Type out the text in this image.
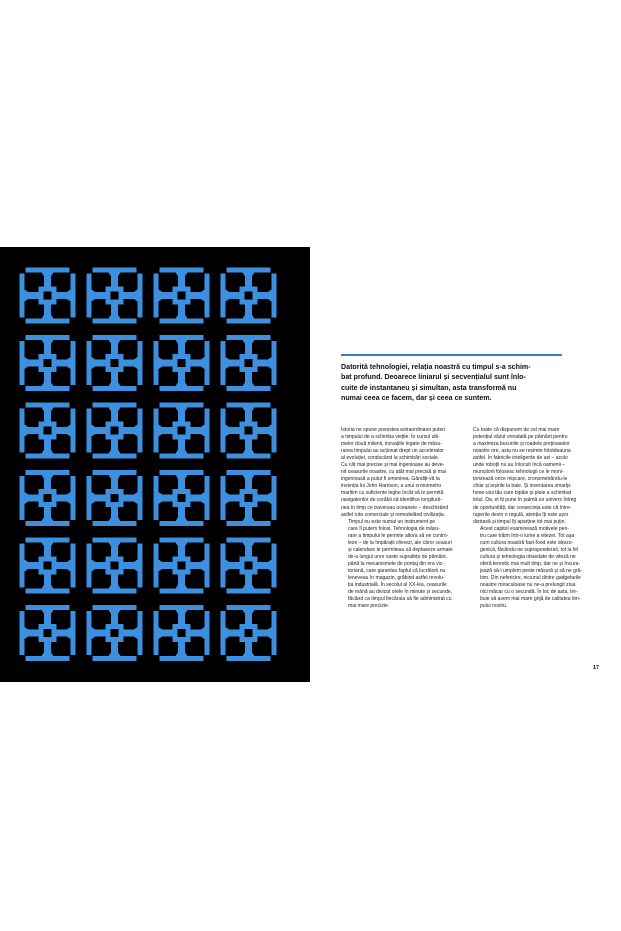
Datorită tehnologiei, relația noastră cu timpul s-a schim-
bat profund. Deoarece liniarul și secvențialul sunt înlo-
cuite de instantaneu și simultan, asta transformă nu
numai ceea ce facem, dar și ceea ce suntem.

Istoria ne spune povestea extraordinarei puteri
a timpului de a schimba viețile. În cursul ulti-
melor două milenii, inovațiile legate de măsu-
rarea timpului au acționat drept un accelerator
al evoluției, conducând la schimbări sociale.
Cu cât mai precise și mai ingenioase au deve-
nit ceasurile noastre, cu atât mai precisă și mai
ingenioasă a putut fi omenirea. Gândiți-vă la
invenția lui John Harrison, a unui cronometru
maritim cu suficiente leghe încât să le permită
navigatorilor de corăbii să identifice longitudi-
nea în timp ce traversau oceanele – deschizând
astfel rute comerciale și remodelând civilizația.

Timpul nu este numai un instrument pe
care îl putem folosi. Tehnologia de măsu-
rare a timpului le permite altora să ne contro-
leze – de la împărații chinezi, ale căror ceasuri
și calendare le permiteau să deplaseze armate
de-a lungul unor vaste suprafețe de pământ,
până la mecanismele de pontaj din era vic-
toriană, care garantau faptul că lucrătorii nu
leneveau în magazin, grăbind astfel revolu-
ția industrială. În secolul al XX-lea, ceasurile
de mână au divizat orele în minute și secunde,
făcând ca timpul fiecăruia să fie administrat cu
mai mare precizie.

Cu toate că dispunem de cel mai mare
potențial văzut vreodată pe pământ pentru
a maximiza bucuriile și roadele prețioaselor
noastre ore, asta nu se resimte întotdeauna
astfel. În fabricile inteligente de azi – acolo
unde roboții nu au înlocuit încă oamenii –
muncitorii folosesc tehnologii ce le moni-
torizează orice mișcare, cronometrându-le
chiar și ieșirile la baie. Și inventarea smartp-
hone-ului tău care bipăie și piuie a schimbat
totul. Da, el îți pune în palmă un univers întreg
de oportunități, dar consecința este că între-
ruperile devin o regulă, atenția îți este ușor
distrasă și timpul îți aparține tot mai puțin.

Acest capitol examinează motivele pen-
tru care trăim într-o lume a vitezei. Tot așa
cum cultura noastră fast-food este obezo-
genică, făcându-ne supraponderali, tot la fel
cultura și tehnologia obsedate de viteză ne
oferă teoretic mai mult timp, dar ne și încura-
jează să-l umplem peste măsură și să ne gră-
bim. Din nefericire, niciunul dintre gadgeturile
noastre miraculoase nu ne-a prelungit ziua
nici măcar cu o secundă. În loc de asta, tre-
buie să avem mai mare grijă de calitatea tim-
pului nostru.

17
